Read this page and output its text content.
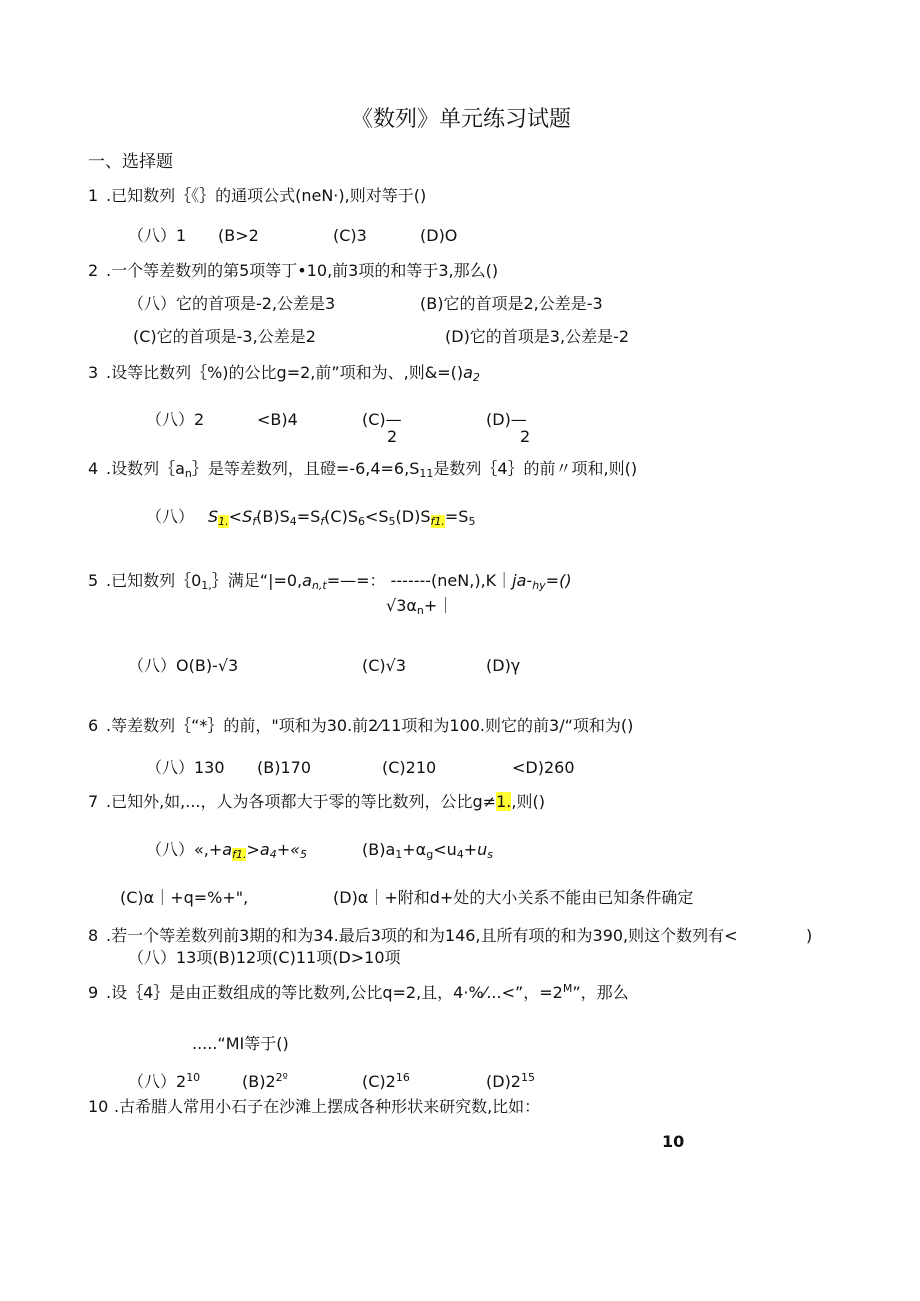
《数列》单元练习试题
一、选择题
1 .已知数列｛《｝的通项公式(neN·),则对等于()
（八）1 (B>2	(C)3	(D)O
2 .一个等差数列的第5项等丁•10,前3项的和等于3,那么()
（八）它的首项是-2,公差是3	(B)它的首项是2,公差是-3
(C)它的首项是-3,公差是2	(D)它的首项是3,公差是-2
3 .设等比数列｛%)的公比g=2,前”项和为、,则$\&=()a_2$
（八）2	<B)4	(C)—
2
(D)—
2
4 .设数列$\{a_n\}$是等差数列，且磴$=-6,4=6,S_{11}$是数列｛4｝的前〃项和,则()
（八） $S_{1.}<S_f(B)S_4=S_f(C)S_6<S_5(D)S_{f1.}=S_5$
5 .已知数列$\{0_{1,}\}$满足“$|=0,a_{n,t}=—=$： $-------(neN,),K|ja-_{hy}=()$
$√3\alpha_n+|$
（八）O(B)-√3	(C)√3	(D)γ
6 .等差数列｛“*｝的前，"项和为30.前2⁄11项和为100.则它的前3/“项和为()
（八）130 (B)170	(C)210	<D)260
7 .已知外,如,...，人为各项都大于零的等比数列，公比g≠1.,则()
（八）«$,+a_{f1.}>a_4+«_5$	$(B)a_1+\alpha_g<u_4+u_s$
(C)α｜+q=%+",	(D)α｜+附和d+处的大小关系不能由已知条件确定
8 .若一个等差数列前3期的和为34.最后3项的和为146,且所有项的和为390,则这个数列有<	)
（八）13项(B)12项(C)11项(D>10项
9 .设｛4｝是由正数组成的等比数列,公比q=2,且，4·%⁄...<”，$=2^M$”，那么
.....“MI等于()
（八）$2^{10}$	$(B)2^{2º}$	$(C)2^{16}$	$(D)2^{15}$
10 .古希腊人常用小石子在沙滩上摆成各种形状来研究数,比如：
10
